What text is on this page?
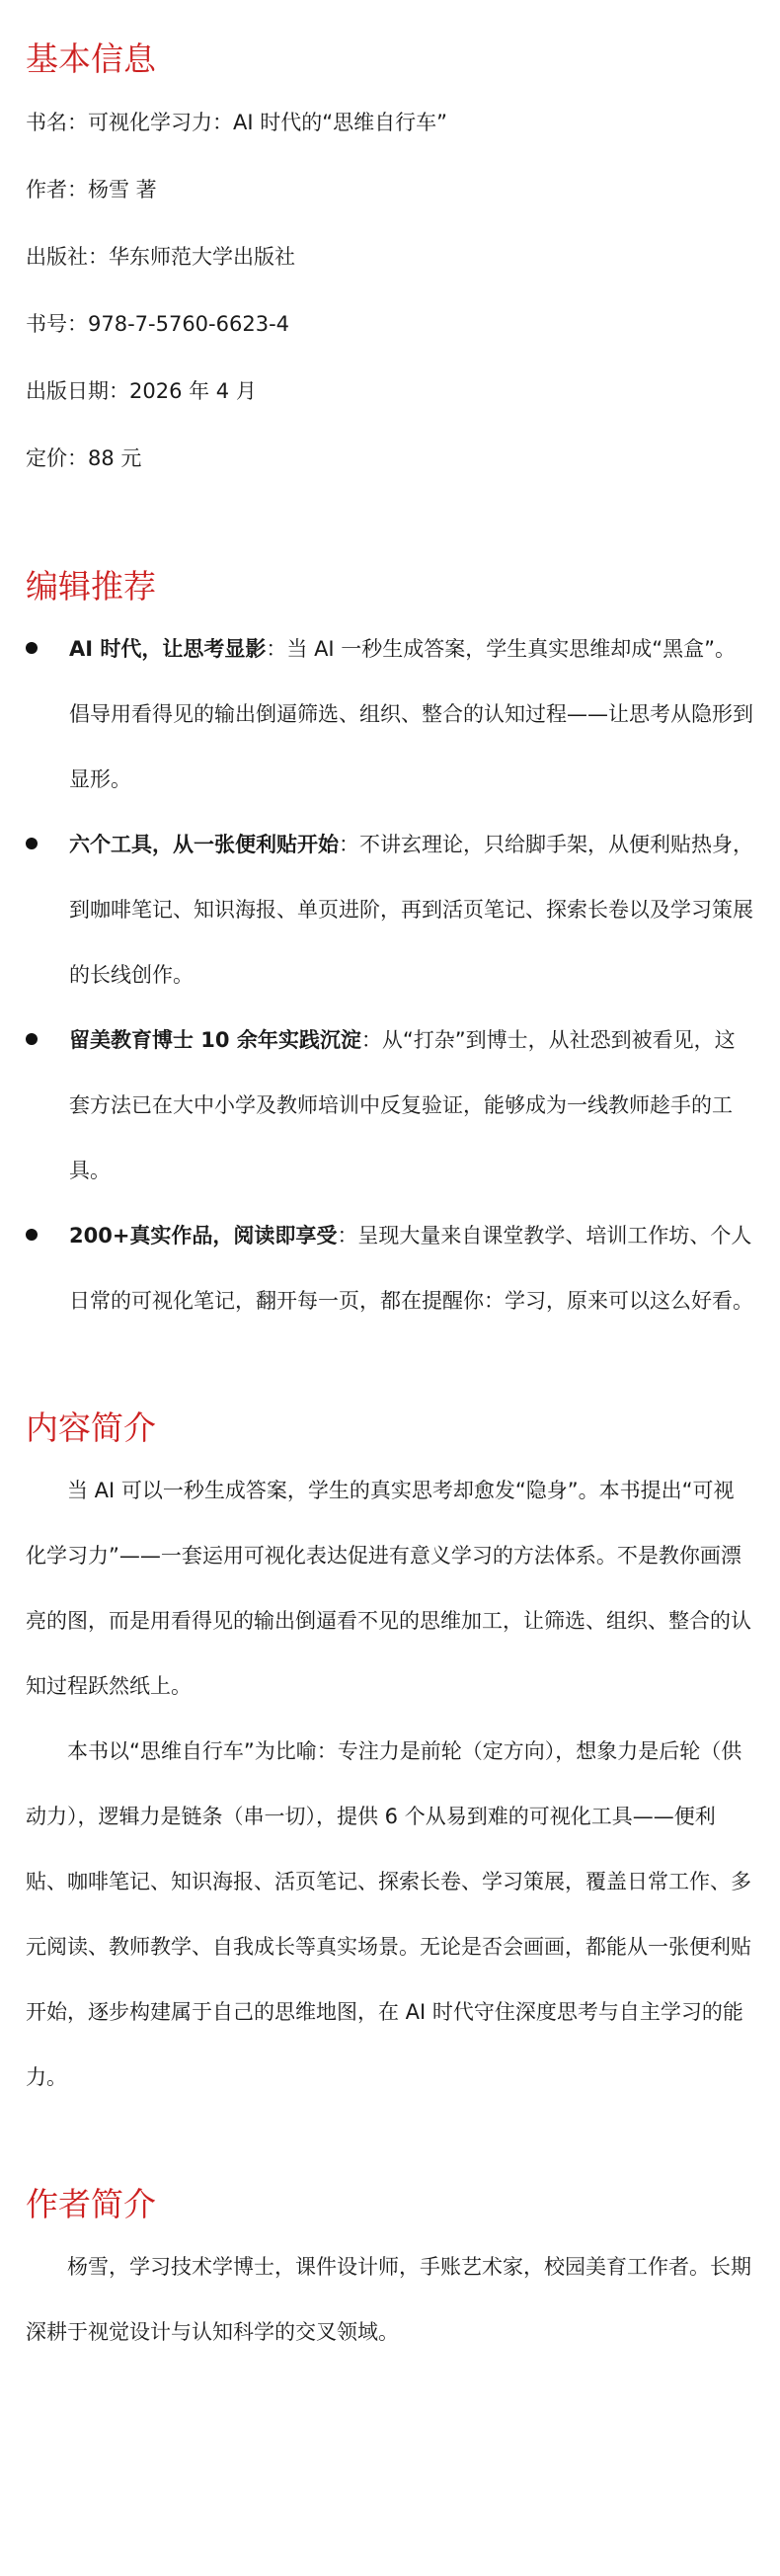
基本信息

书名：可视化学习力：AI 时代的“思维自行车”

作者：杨雪 著

出版社：华东师范大学出版社

书号：978-7-5760-6623-4

出版日期：2026 年 4 月

定价：88 元

编辑推荐
AI 时代，让思考显影：当 AI 一秒生成答案，学生真实思维却成“黑盒”。倡导用看得见的输出倒逼筛选、组织、整合的认知过程——让思考从隐形到显形。
六个工具，从一张便利贴开始：不讲玄理论，只给脚手架，从便利贴热身，到咖啡笔记、知识海报、单页进阶，再到活页笔记、探索长卷以及学习策展的长线创作。
留美教育博士 10 余年实践沉淀：从“打杂”到博士，从社恐到被看见，这套方法已在大中小学及教师培训中反复验证，能够成为一线教师趁手的工具。
200+真实作品，阅读即享受：呈现大量来自课堂教学、培训工作坊、个人日常的可视化笔记，翻开每一页，都在提醒你：学习，原来可以这么好看。
内容简介

当 AI 可以一秒生成答案，学生的真实思考却愈发“隐身”。本书提出“可视化学习力”——一套运用可视化表达促进有意义学习的方法体系。不是教你画漂亮的图，而是用看得见的输出倒逼看不见的思维加工，让筛选、组织、整合的认知过程跃然纸上。

本书以“思维自行车”为比喻：专注力是前轮（定方向），想象力是后轮（供动力），逻辑力是链条（串一切），提供 6 个从易到难的可视化工具——便利贴、咖啡笔记、知识海报、活页笔记、探索长卷、学习策展，覆盖日常工作、多元阅读、教师教学、自我成长等真实场景。无论是否会画画，都能从一张便利贴开始，逐步构建属于自己的思维地图，在 AI 时代守住深度思考与自主学习的能力。

作者简介

杨雪，学习技术学博士，课件设计师，手账艺术家，校园美育工作者。长期深耕于视觉设计与认知科学的交叉领域。
